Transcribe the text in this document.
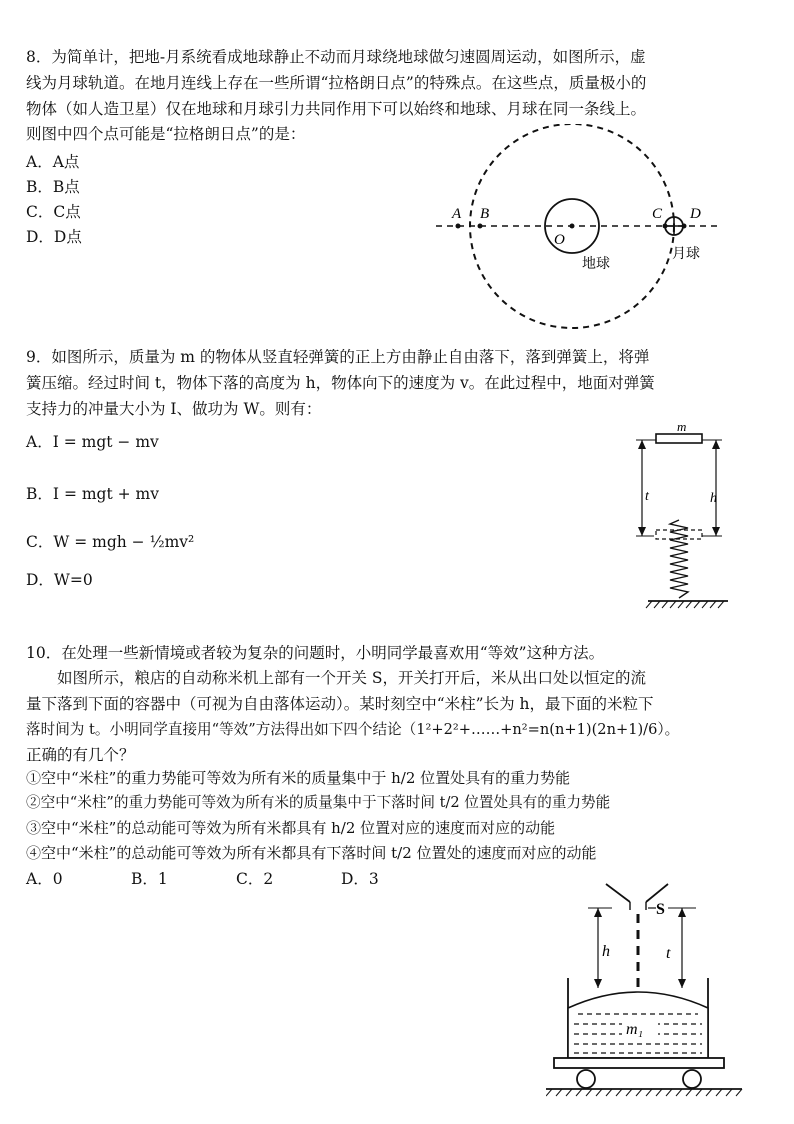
8．为简单计，把地-月系统看成地球静止不动而月球绕地球做匀速圆周运动，如图所示，虚
线为月球轨道。在地月连线上存在一些所谓“拉格朗日点”的特殊点。在这些点，质量极小的
物体（如人造卫星）仅在地球和月球引力共同作用下可以始终和地球、月球在同一条线上。
则图中四个点可能是“拉格朗日点”的是：
A．A点
B．B点
C．C点
D．D点
A B	C D
O
地球
月球
9．如图所示，质量为 m 的物体从竖直轻弹簧的正上方由静止自由落下，落到弹簧上，将弹
簧压缩。经过时间 t，物体下落的高度为 h，物体向下的速度为 v。在此过程中，地面对弹簧
支持力的冲量大小为 I、做功为 W。则有：
A．I = mgt − mv
B．I = mgt + mv
C．W = mgh − ½mv²
D．W=0
m
t	h
10．在处理一些新情境或者较为复杂的问题时，小明同学最喜欢用“等效”这种方法。
　　如图所示，粮店的自动称米机上部有一个开关 S，开关打开后，米从出口处以恒定的流
量下落到下面的容器中（可视为自由落体运动）。某时刻空中“米柱”长为 h，最下面的米粒下
落时间为 t。小明同学直接用“等效”方法得出如下四个结论（1²+2²+……+n²=n(n+1)(2n+1)/6）。
正确的有几个？
①空中“米柱”的重力势能可等效为所有米的质量集中于 h/2 位置处具有的重力势能
②空中“米柱”的重力势能可等效为所有米的质量集中于下落时间 t/2 位置处具有的重力势能
③空中“米柱”的总动能可等效为所有米都具有 h/2 位置对应的速度而对应的动能
④空中“米柱”的总动能可等效为所有米都具有下落时间 t/2 位置处的速度而对应的动能
A．0	B．1	C．2	D．3
S
h	t
m₁
